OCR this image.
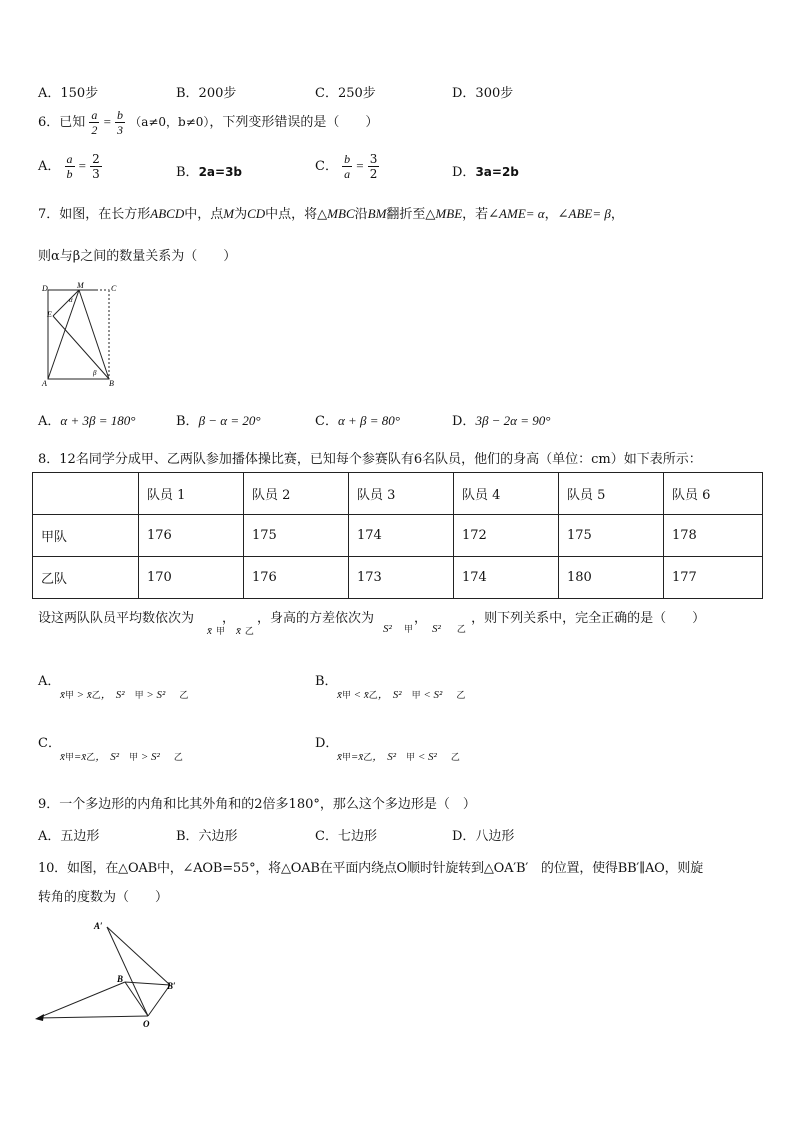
A．150步	B．200步	C．250步	D．300步
6．已知 $\frac{a}{2} = \frac{b}{3} (a\ne 0$，b≠0），下列变形错误的是（　　）
A． $\frac{a}{b} = \frac{2}{3}$	B．2a=3b	C． $\frac{b}{a} = \frac{3}{2}$	D．3a=2b
7．如图，在长方形ABCD中，点M为CD中点，将△MBC沿BM翻折至△MBE，若∠AME= α，∠ABE= β，
则α与β之间的数量关系为（　　）
D	M	C
E
A	B
α
β
A．α + 3β = 180°	B．β − α = 20°	C．α + β = 80°	D．3β − 2α = 90°
8．12名同学分成甲、乙两队参加播体操比赛，已知每个参赛队有6名队员，他们的身高（单位：cm）如下表所示：
	队员 1	队员 2	队员 3	队员 4	队员 5	队员 6
甲队	176	175	174	172	175	178
乙队	170	176	173	174	180	177
设这两队队员平均数依次为 ， ，身高的方差依次为	，	，则下列关系中，完全正确的是（　　）
x̄ 甲 x̄ 乙	S² 甲 S² 乙
A．
x̄甲 > x̄乙， S² 甲 > S² 乙
B．
x̄甲 < x̄乙， S² 甲 < S² 乙
C．
x̄甲=x̄乙， S² 甲 > S² 乙
D．
x̄甲=x̄乙， S² 甲 < S² 乙
9．一个多边形的内角和比其外角和的2倍多180°，那么这个多边形是（　）
A．五边形	B．六边形	C．七边形	D．八边形
10．如图，在△OAB中，∠AOB=55°，将△OAB在平面内绕点O顺时针旋转到△OA′B′　的位置，使得BB′∥AO，则旋
转角的度数为（　　）
A′
B
B′
O
